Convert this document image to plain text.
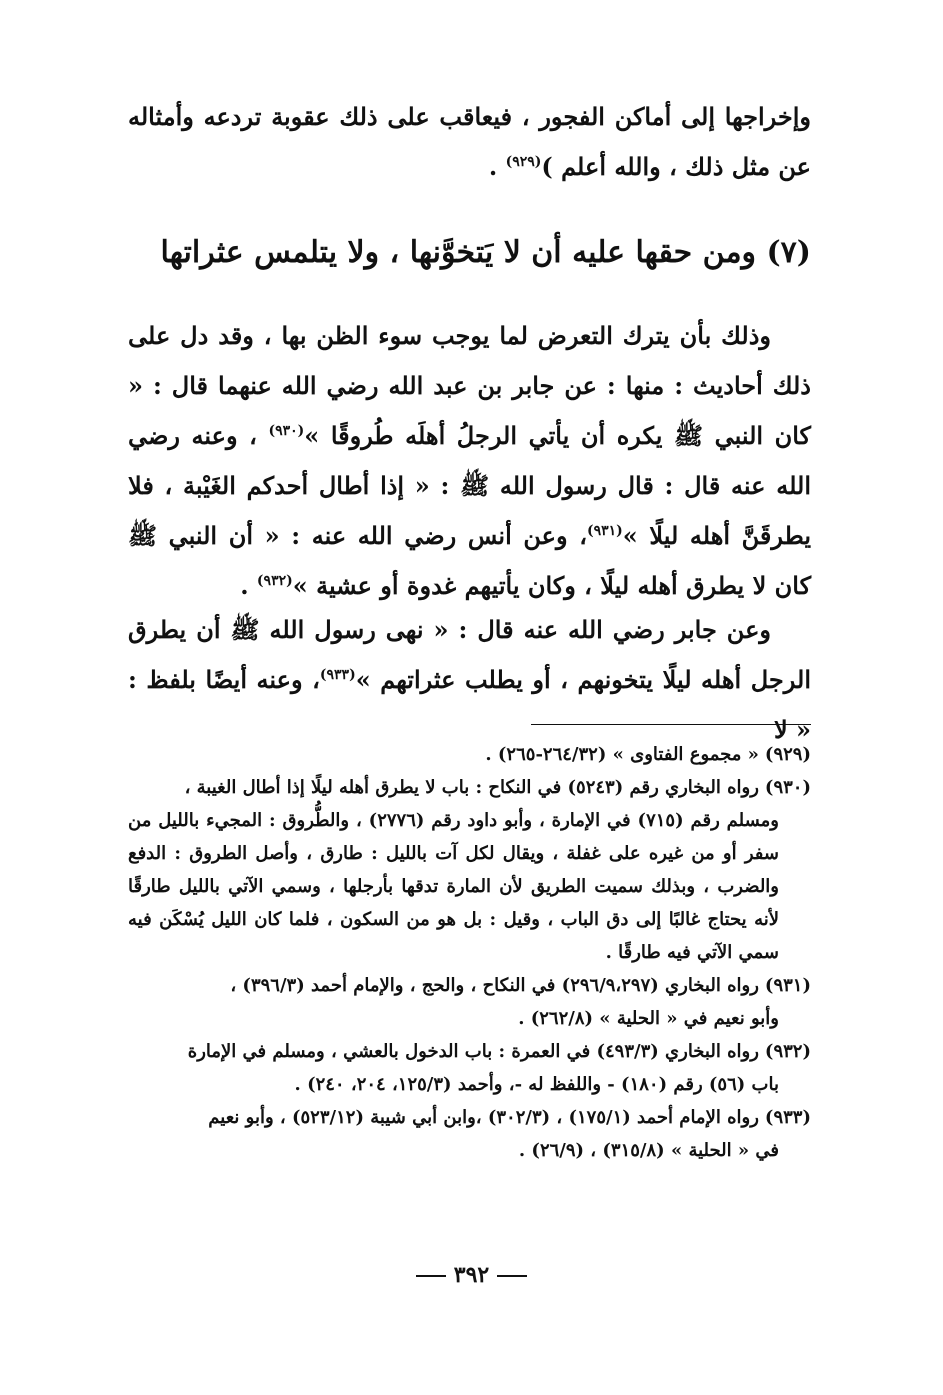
وإخراجها إلى أماكن الفجور ، فيعاقب على ذلك عقوبة تردعه وأمثاله عن مثل ذلك ، والله أعلم )$^{(٩٢٩)}$ .

(٧) ومن حقها عليه أن لا يَتخوَّنها ، ولا يتلمس عثراتها

وذلك بأن يترك التعرض لما يوجب سوء الظن بها ، وقد دل على ذلك أحاديث : منها : عن جابر بن عبد الله رضي الله عنهما قال : « كان النبي ﷺ يكره أن يأتي الرجلُ أهلَه طُروقًا »$^{(٩٣٠)}$ ، وعنه رضي الله عنه قال : قال رسول الله ﷺ : « إذا أطال أحدكم الغَيْبة ، فلا يطرقَنَّ أهله ليلًا »$^{(٩٣١)}$، وعن أنس رضي الله عنه : « أن النبي ﷺ كان لا يطرق أهله ليلًا ، وكان يأتيهم غدوة أو عشية »$^{(٩٣٢)}$ .

وعن جابر رضي الله عنه قال : « نهى رسول الله ﷺ أن يطرق الرجل أهله ليلًا يتخونهم ، أو يطلب عثراتهم »$^{(٩٣٣)}$، وعنه أيضًا بلفظ : « لا

(٩٢٩)« مجموع الفتاوى » (٢٦٤/٣٢-٢٦٥) .

(٩٣٠)رواه البخاري رقم (٥٢٤٣) في النكاح : باب لا يطرق أهله ليلًا إذا أطال الغيبة ،

ومسلم رقم (٧١٥) في الإمارة ، وأبو داود رقم (٢٧٧٦) ، والطُّروق : المجيء بالليل من سفر أو من غيره على غفلة ، ويقال لكل آت بالليل : طارق ، وأصل الطروق : الدفع والضرب ، وبذلك سميت الطريق لأن المارة تدقها بأرجلها ، وسمي الآتي بالليل طارقًا لأنه يحتاج غالبًا إلى دق الباب ، وقيل : بل هو من السكون ، فلما كان الليل يُسْكَن فيه سمي الآتي فيه طارقًا .

(٩٣١)رواه البخاري (٢٩٦/٩،٢٩٧) في النكاح ، والحج ، والإمام أحمد (٣٩٦/٣) ،

وأبو نعيم في « الحلية » (٢٦٢/٨) .

(٩٣٢)رواه البخاري (٤٩٣/٣) في العمرة : باب الدخول بالعشي ، ومسلم في الإمارة

باب (٥٦) رقم (١٨٠) - واللفظ له -، وأحمد (١٢٥/٣، ٢٠٤، ٢٤٠) .

(٩٣٣)رواه الإمام أحمد (١٧٥/١) ، (٣٠٢/٣) ،وابن أبي شيبة (٥٢٣/١٢) ، وأبو نعيم

في « الحلية » (٣١٥/٨) ، (٢٦/٩) .

٣٩٢
